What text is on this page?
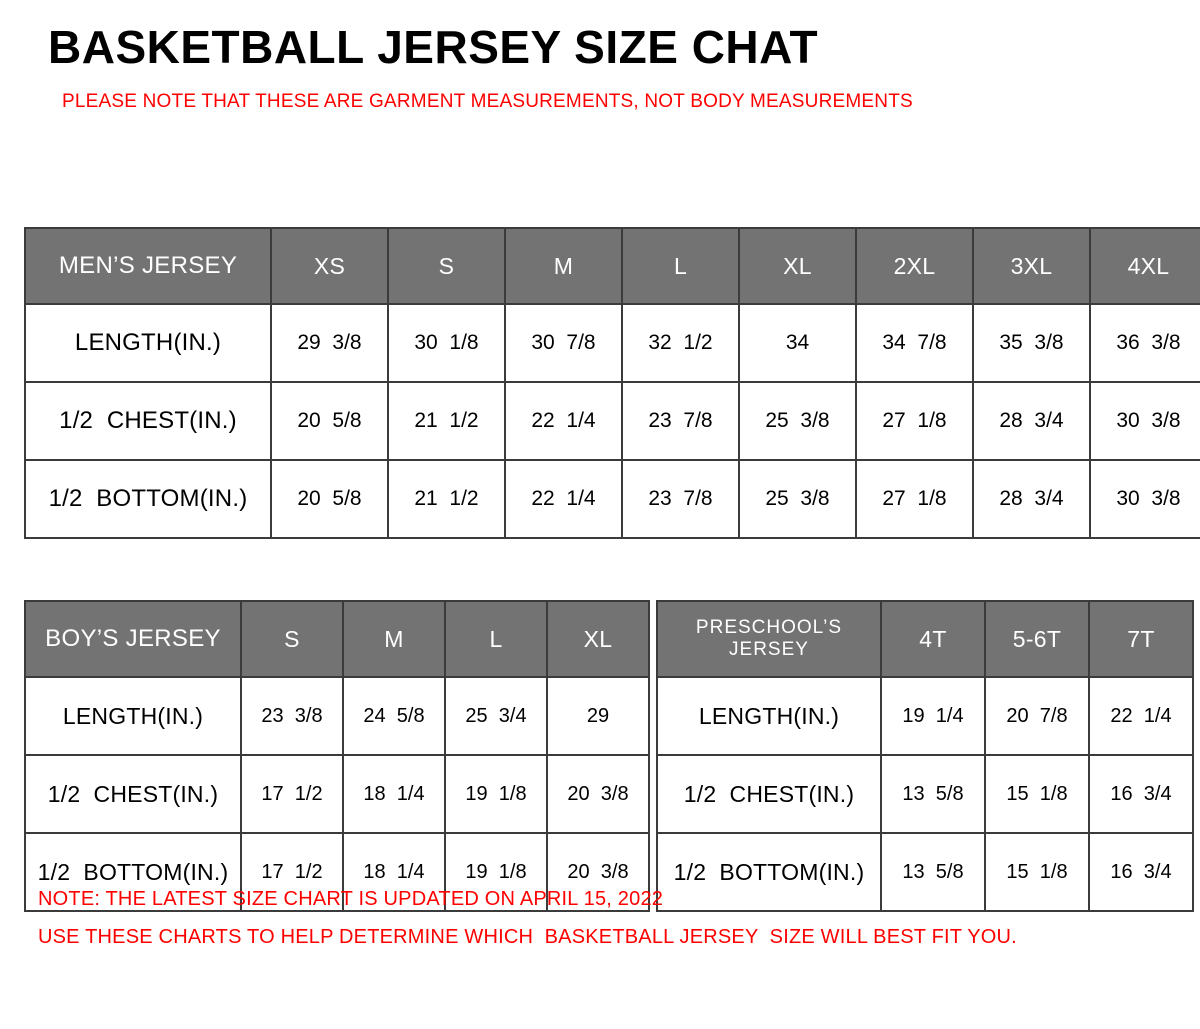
BASKETBALL JERSEY SIZE CHAT

PLEASE NOTE THAT THESE ARE GARMENT MEASUREMENTS, NOT BODY MEASUREMENTS

MEN’S JERSEY	XS	S	M	L	XL	2XL	3XL	4XL
LENGTH(IN.)	29  3/8	30  1/8	30  7/8	32  1/2	34	34  7/8	35  3/8	36  3/8
1/2  CHEST(IN.)	20  5/8	21  1/2	22  1/4	23  7/8	25  3/8	27  1/8	28  3/4	30  3/8
1/2  BOTTOM(IN.)	20  5/8	21  1/2	22  1/4	23  7/8	25  3/8	27  1/8	28  3/4	30  3/8
BOY’S JERSEY	S	M	L	XL
LENGTH(IN.)	23  3/8	24  5/8	25  3/4	29
1/2  CHEST(IN.)	17  1/2	18  1/4	19  1/8	20  3/8
1/2  BOTTOM(IN.)	17  1/2	18  1/4	19  1/8	20  3/8
PRESCHOOL’S JERSEY	4T	5-6T	7T
LENGTH(IN.)	19  1/4	20  7/8	22  1/4
1/2  CHEST(IN.)	13  5/8	15  1/8	16  3/4
1/2  BOTTOM(IN.)	13  5/8	15  1/8	16  3/4
NOTE: THE LATEST SIZE CHART IS UPDATED ON APRIL 15, 2022
USE THESE CHARTS TO HELP DETERMINE WHICH  BASKETBALL JERSEY  SIZE WILL BEST FIT YOU.
